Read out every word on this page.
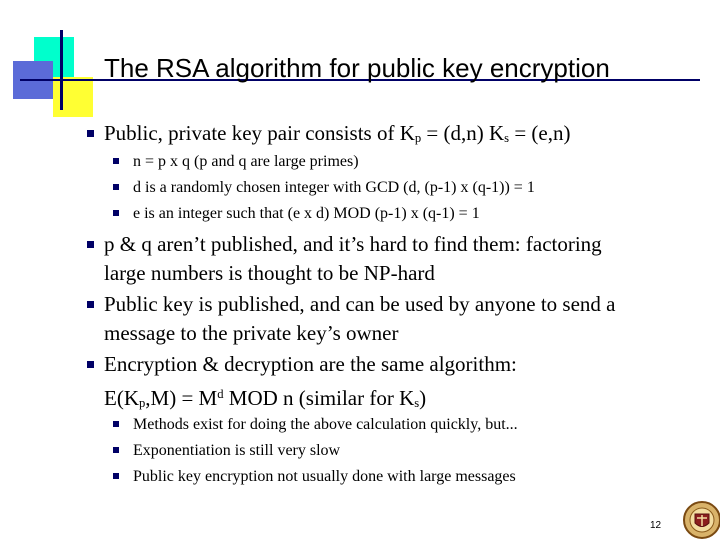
The RSA algorithm for public key encryption
Public, private key pair consists of $K_p = (d,n) K_s = (e,n)$
n = p x q (p and q are large primes)
d is a randomly chosen integer with GCD (d, (p-1) x (q-1)) = 1
e is an integer such that (e x d) MOD (p-1) x (q-1) = 1
p & q aren’t published, and it’s hard to find them: factoring
large numbers is thought to be NP-hard
Public key is published, and can be used by anyone to send a
message to the private key’s owner
Encryption & decryption are the same algorithm:
$E(K_p,M) = M^d$ MOD n (similar for $K_s$)
Methods exist for doing the above calculation quickly, but...
Exponentiation is still very slow
Public key encryption not usually done with large messages
12
